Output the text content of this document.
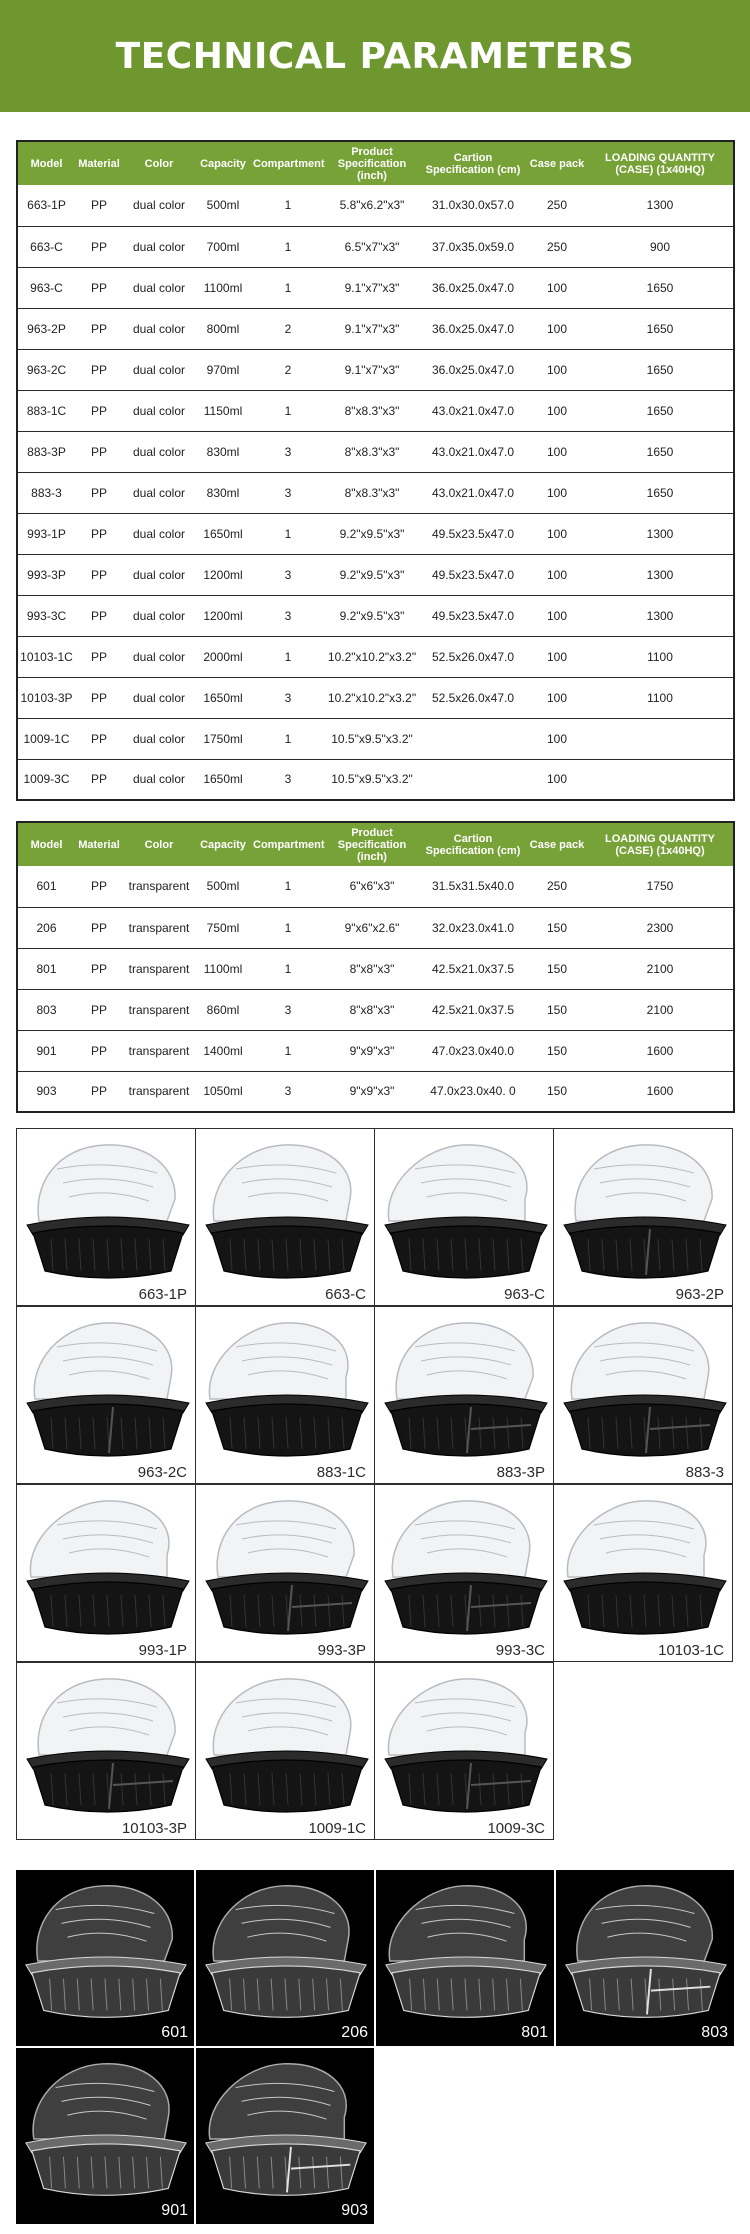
TECHNICAL PARAMETERS
Model	Material	Color	Capacity	Compartment	Product Specification (inch)	Cartion Specification (cm)	Case pack	LOADING QUANTITY (CASE) (1x40HQ)
663-1P	PP	dual color	500ml	1	5.8"x6.2"x3"	31.0x30.0x57.0	250	1300
663-C	PP	dual color	700ml	1	6.5"x7"x3"	37.0x35.0x59.0	250	900
963-C	PP	dual color	1100ml	1	9.1"x7"x3"	36.0x25.0x47.0	100	1650
963-2P	PP	dual color	800ml	2	9.1"x7"x3"	36.0x25.0x47.0	100	1650
963-2C	PP	dual color	970ml	2	9.1"x7"x3"	36.0x25.0x47.0	100	1650
883-1C	PP	dual color	1150ml	1	8"x8.3"x3"	43.0x21.0x47.0	100	1650
883-3P	PP	dual color	830ml	3	8"x8.3"x3"	43.0x21.0x47.0	100	1650
883-3	PP	dual color	830ml	3	8"x8.3"x3"	43.0x21.0x47.0	100	1650
993-1P	PP	dual color	1650ml	1	9.2"x9.5"x3"	49.5x23.5x47.0	100	1300
993-3P	PP	dual color	1200ml	3	9.2"x9.5"x3"	49.5x23.5x47.0	100	1300
993-3C	PP	dual color	1200ml	3	9.2"x9.5"x3"	49.5x23.5x47.0	100	1300
10103-1C	PP	dual color	2000ml	1	10.2"x10.2"x3.2"	52.5x26.0x47.0	100	1100
10103-3P	PP	dual color	1650ml	3	10.2"x10.2"x3.2"	52.5x26.0x47.0	100	1100
1009-1C	PP	dual color	1750ml	1	10.5"x9.5"x3.2"		100	
1009-3C	PP	dual color	1650ml	3	10.5"x9.5"x3.2"		100	
Model	Material	Color	Capacity	Compartment	Product Specification (inch)	Cartion Specification (cm)	Case pack	LOADING QUANTITY (CASE) (1x40HQ)
601	PP	transparent	500ml	1	6"x6"x3"	31.5x31.5x40.0	250	1750
206	PP	transparent	750ml	1	9"x6"x2.6"	32.0x23.0x41.0	150	2300
801	PP	transparent	1100ml	1	8"x8"x3"	42.5x21.0x37.5	150	2100
803	PP	transparent	860ml	3	8"x8"x3"	42.5x21.0x37.5	150	2100
901	PP	transparent	1400ml	1	9"x9"x3"	47.0x23.0x40.0	150	1600
903	PP	transparent	1050ml	3	9"x9"x3"	47.0x23.0x40. 0	150	1600
663-1P	663-C	963-C	963-2P
963-2C	883-1C	883-3P	883-3
993-1P	993-3P	993-3C	10103-1C
10103-3P	1009-1C	1009-3C
601	206	801	803
901	903
